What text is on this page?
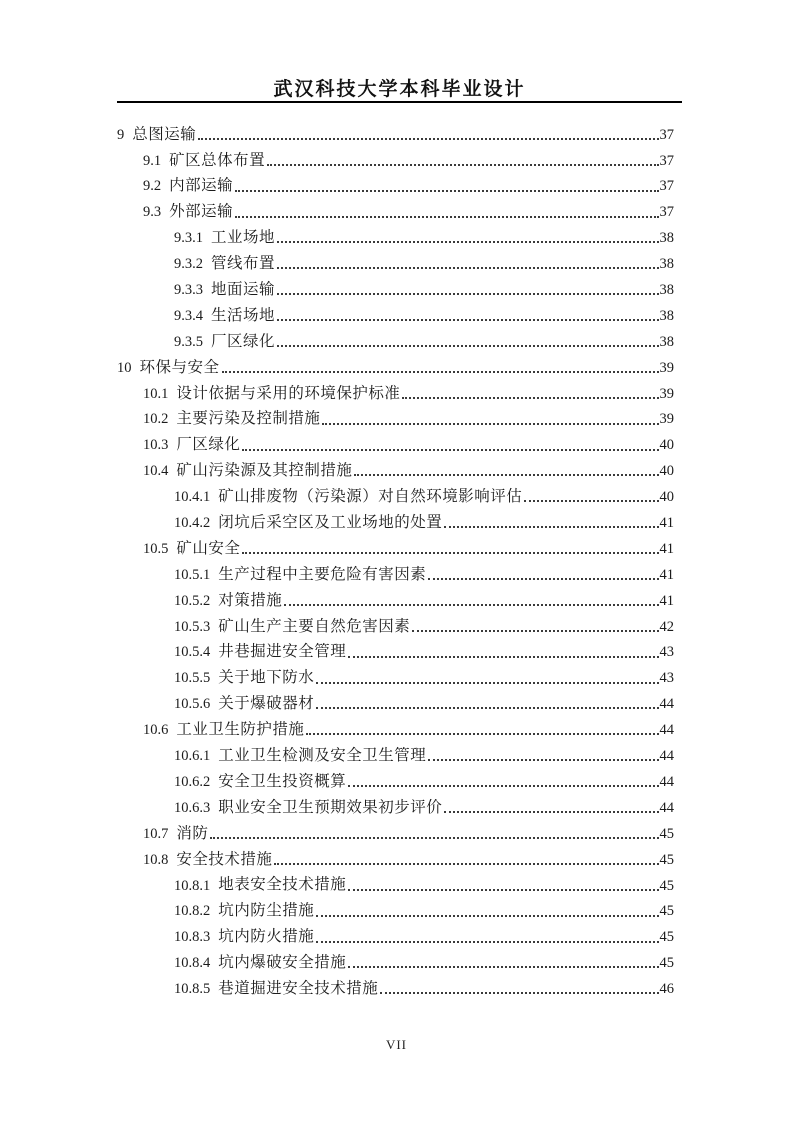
武汉科技大学本科毕业设计
9 总图运输	37
9.1 矿区总体布置	37
9.2 内部运输	37
9.3 外部运输	37
9.3.1 工业场地	38
9.3.2 管线布置	38
9.3.3 地面运输	38
9.3.4 生活场地	38
9.3.5 厂区绿化	38
10 环保与安全	39
10.1 设计依据与采用的环境保护标准	39
10.2 主要污染及控制措施	39
10.3 厂区绿化	40
10.4 矿山污染源及其控制措施	40
10.4.1 矿山排废物（污染源）对自然环境影响评估	40
10.4.2 闭坑后采空区及工业场地的处置	41
10.5 矿山安全	41
10.5.1 生产过程中主要危险有害因素	41
10.5.2 对策措施	41
10.5.3 矿山生产主要自然危害因素	42
10.5.4 井巷掘进安全管理	43
10.5.5 关于地下防水	43
10.5.6 关于爆破器材	44
10.6 工业卫生防护措施	44
10.6.1 工业卫生检测及安全卫生管理	44
10.6.2 安全卫生投资概算	44
10.6.3 职业安全卫生预期效果初步评价	44
10.7 消防	45
10.8 安全技术措施	45
10.8.1 地表安全技术措施	45
10.8.2 坑内防尘措施	45
10.8.3 坑内防火措施	45
10.8.4 坑内爆破安全措施	45
10.8.5 巷道掘进安全技术措施	46
VII
